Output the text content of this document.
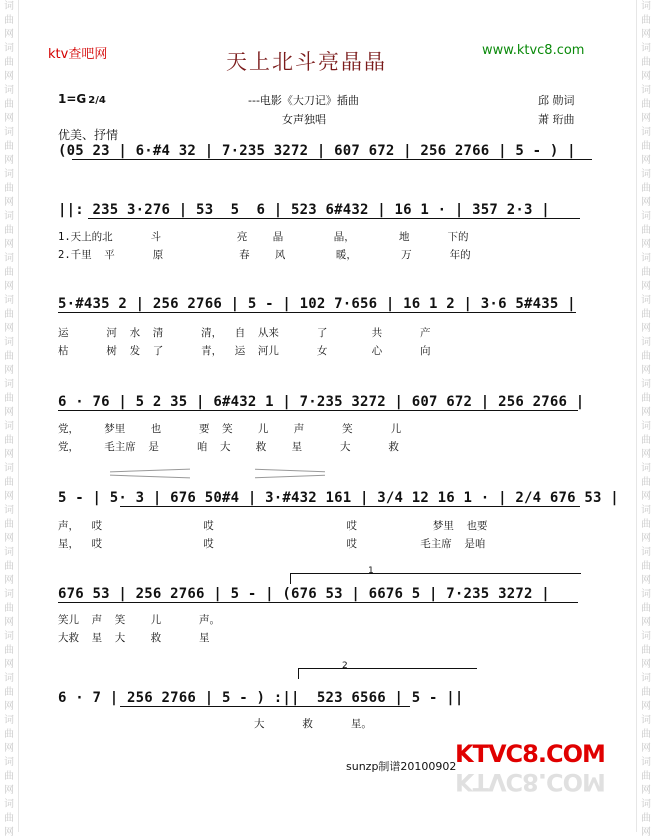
词曲网词曲网词曲网词曲网词曲网词曲网词曲网词曲网词曲网词曲网词曲网词曲网词曲网词曲网词曲网词曲网词曲网词曲网词曲网词曲网
词曲网词曲网词曲网词曲网词曲网词曲网词曲网词曲网词曲网词曲网词曲网词曲网词曲网词曲网词曲网词曲网词曲网词曲网词曲网词曲网
ktv查吧网	www.ktvc8.com
天上北斗亮晶晶
1=G 2/4	---电影《大刀记》插曲
女声独唱
邱 勋词
萧 珩曲
优美、抒情
(05 23 | 6·#4 32 | 7·235 3272 | 607 672 | 256 2766 | 5 - ) |
||: 235 3·276 | 53  5  6 | 523 6#432 | 16 1 · | 357 2·3 |
1.天上的北      斗            亮    晶        晶，       地      下的
2.千里  平      原            春    风        暖，       万      年的
5·#435 2 | 256 2766 | 5 - | 102 7·656 | 16 1 2 | 3·6 5#435 |
运      河  水  清      清，  自  从来      了       共      产
枯      树  发  了      青，  运  河儿      女       心      向
6 · 76 | 5 2 35 | 6#432 1 | 7·235 3272 | 607 672 | 256 2766 |
党，    梦里    也      要  笑    儿    声      笑      儿
党，    毛主席  是      咱  大    救    星      大      救
5 - | 5· 3 | 676 50#4 | 3·#432 161 | 3/4 12 16 1 · | 2/4 676 53 |
声，  哎                哎                     哎            梦里  也要
星，  哎                哎                     哎          毛主席  是咱
1
676 53 | 256 2766 | 5 - | (676 53 | 6676 5 | 7·235 3272 |
笑儿  声  笑    儿      声。
大救  星  大    救      星
2
6 · 7 | 256 2766 | 5 - ) :||  523 6566 | 5 - ||
大      救      星。
sunzp制谱20100902
KTVC8.COM
KTVC8.COM
